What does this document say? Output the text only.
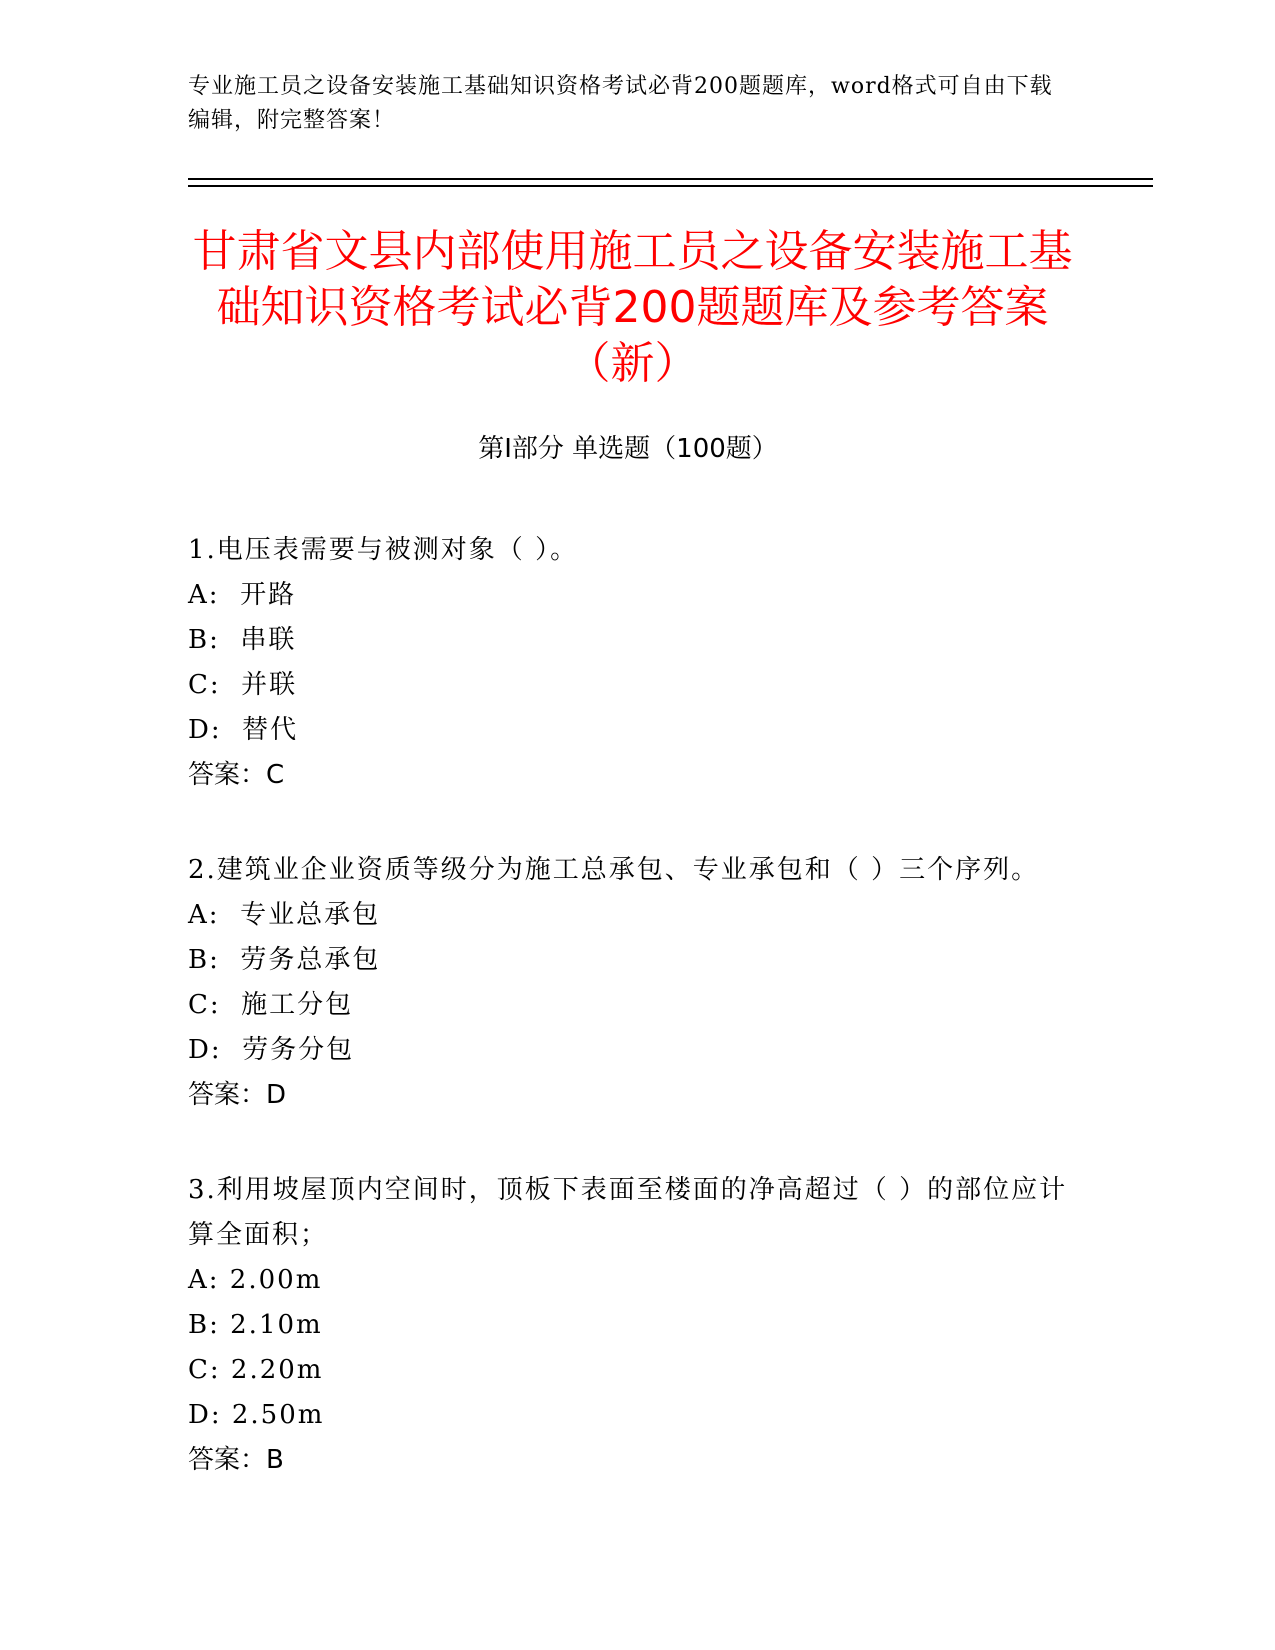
专业施工员之设备安装施工基础知识资格考试必背200题题库，word格式可自由下载编辑，附完整答案！

甘肃省文县内部使用施工员之设备安装施工基础知识资格考试必背200题题库及参考答案（新）
第I部分 单选题（100题）

1.电压表需要与被测对象（ ）。

A:  开路
B:  串联
C:  并联
D:  替代
答案：C

2.建筑业企业资质等级分为施工总承包、专业承包和（ ）三个序列。

A:  专业总承包
B:  劳务总承包
C:  施工分包
D:  劳务分包
答案：D

3.利用坡屋顶内空间时，顶板下表面至楼面的净高超过（ ）的部位应计算全面积；

A: 2.00m
B: 2.10m
C: 2.20m
D: 2.50m
答案：B
